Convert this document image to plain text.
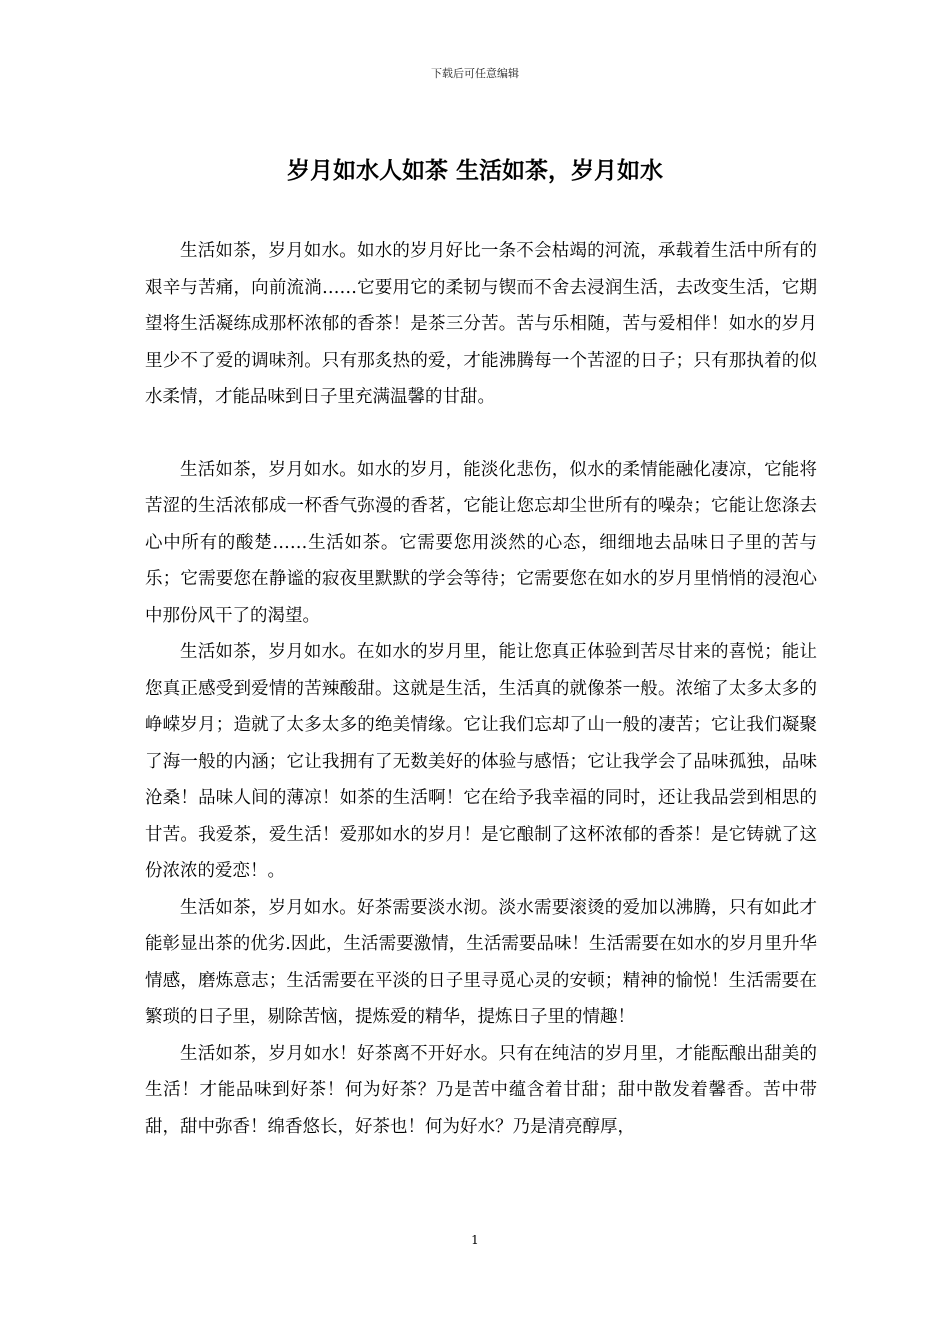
下载后可任意编辑
岁月如水人如茶 生活如茶，岁月如水

生活如茶，岁月如水。如水的岁月好比一条不会枯竭的河流，承载着生活中所有的艰辛与苦痛，向前流淌……它要用它的柔韧与锲而不舍去浸润生活，去改变生活，它期望将生活凝练成那杯浓郁的香茶！是茶三分苦。苦与乐相随，苦与爱相伴！如水的岁月里少不了爱的调味剂。只有那炙热的爱，才能沸腾每一个苦涩的日子；只有那执着的似水柔情，才能品味到日子里充满温馨的甘甜。

生活如茶，岁月如水。如水的岁月，能淡化悲伤，似水的柔情能融化凄凉，它能将苦涩的生活浓郁成一杯香气弥漫的香茗，它能让您忘却尘世所有的噪杂；它能让您涤去心中所有的酸楚……生活如茶。它需要您用淡然的心态，细细地去品味日子里的苦与乐；它需要您在静谧的寂夜里默默的学会等待；它需要您在如水的岁月里悄悄的浸泡心中那份风干了的渴望。

生活如茶，岁月如水。在如水的岁月里，能让您真正体验到苦尽甘来的喜悦；能让您真正感受到爱情的苦辣酸甜。这就是生活，生活真的就像茶一般。浓缩了太多太多的峥嵘岁月；造就了太多太多的绝美情缘。它让我们忘却了山一般的凄苦；它让我们凝聚了海一般的内涵；它让我拥有了无数美好的体验与感悟；它让我学会了品味孤独，品味沧桑！品味人间的薄凉！如茶的生活啊！它在给予我幸福的同时，还让我品尝到相思的甘苦。我爱茶，爱生活！爱那如水的岁月！是它酿制了这杯浓郁的香茶！是它铸就了这份浓浓的爱恋！。

生活如茶，岁月如水。好茶需要淡水沏。淡水需要滚烫的爱加以沸腾，只有如此才能彰显出茶的优劣.因此，生活需要激情，生活需要品味！生活需要在如水的岁月里升华情感，磨炼意志；生活需要在平淡的日子里寻觅心灵的安顿；精神的愉悦！生活需要在繁琐的日子里，剔除苦恼，提炼爱的精华，提炼日子里的情趣！

生活如茶，岁月如水！好茶离不开好水。只有在纯洁的岁月里，才能酝酿出甜美的生活！才能品味到好茶！何为好茶？乃是苦中蕴含着甘甜；甜中散发着馨香。苦中带甜，甜中弥香！绵香悠长，好茶也！何为好水？乃是清亮醇厚，

1
